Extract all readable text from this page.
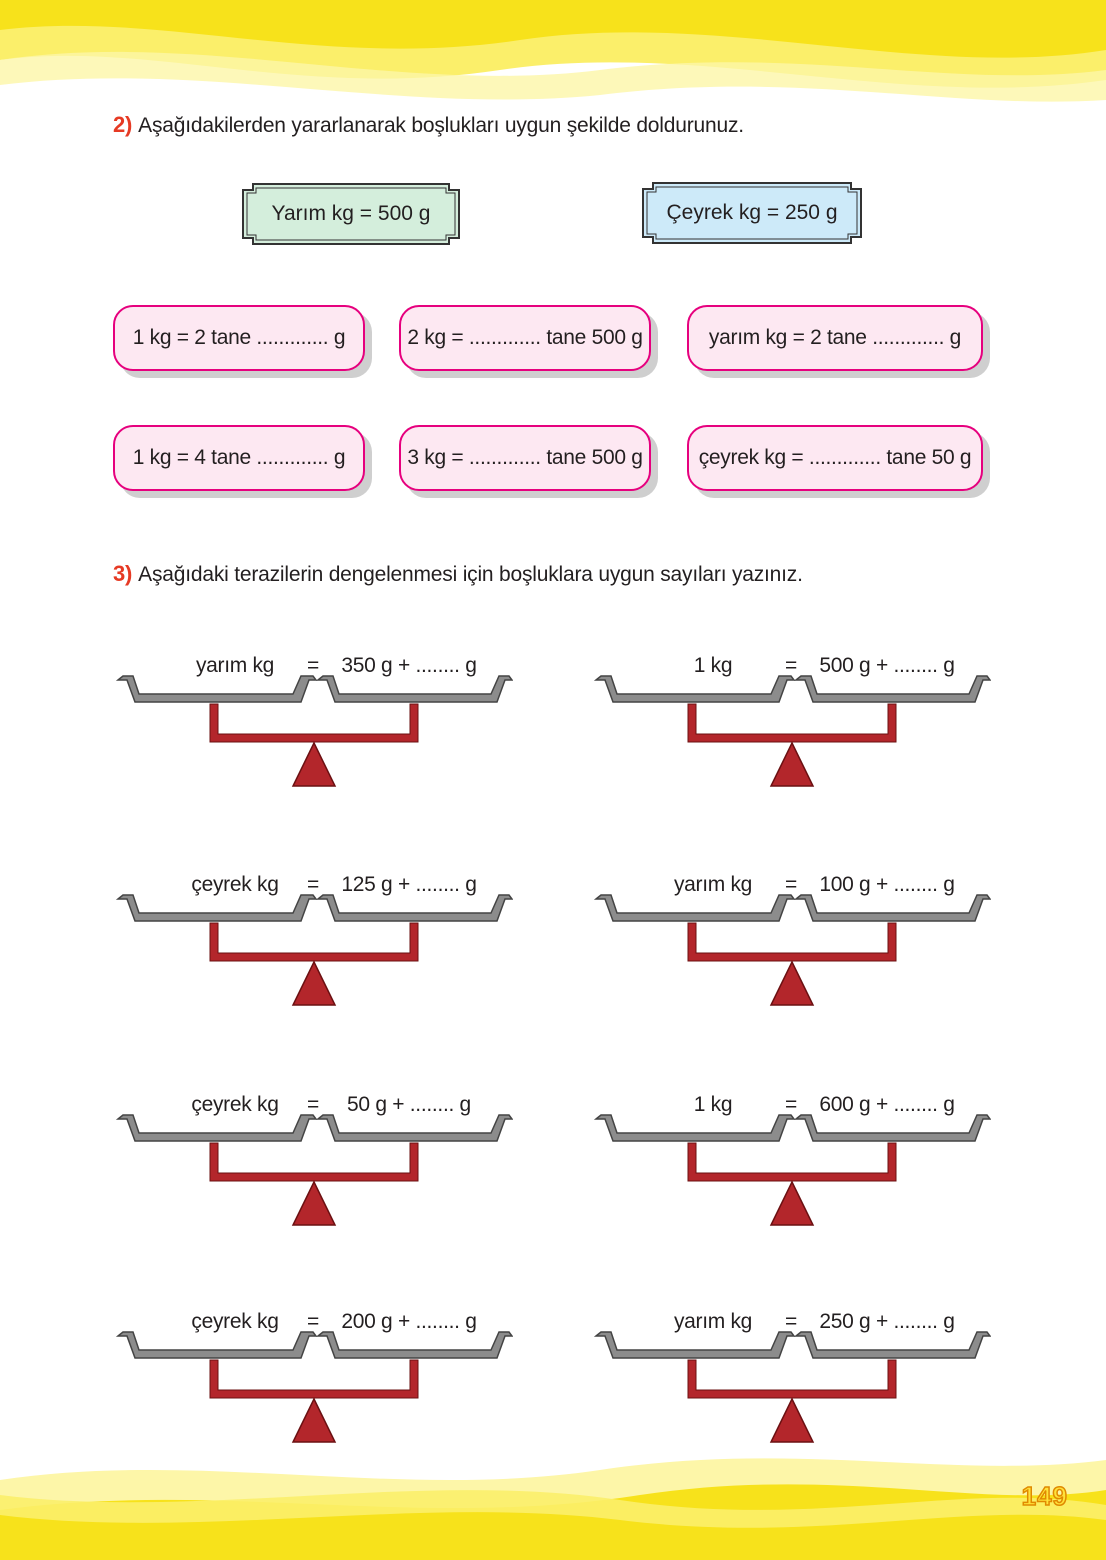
2) Aşağıdakilerden yararlanarak boşlukları uygun şekilde doldurunuz.
Yarım kg = 500 g	Çeyrek kg = 250 g
1 kg = 2 tane ............. g	2 kg = ............. tane 500 g	yarım kg = 2 tane ............. g
1 kg = 4 tane ............. g	3 kg = ............. tane 500 g	çeyrek kg = ............. tane 50 g
3) Aşağıdaki terazilerin dengelenmesi için boşluklara uygun sayıları yazınız.
yarım kg	= 350 g + ........ g	1 kg	= 500 g + ........ g
çeyrek kg	= 125 g + ........ g	yarım kg	= 100 g + ........ g
çeyrek kg	=	50 g + ........ g	1 kg	= 600 g + ........ g
çeyrek kg	= 200 g + ........ g	yarım kg	= 250 g + ........ g
149
